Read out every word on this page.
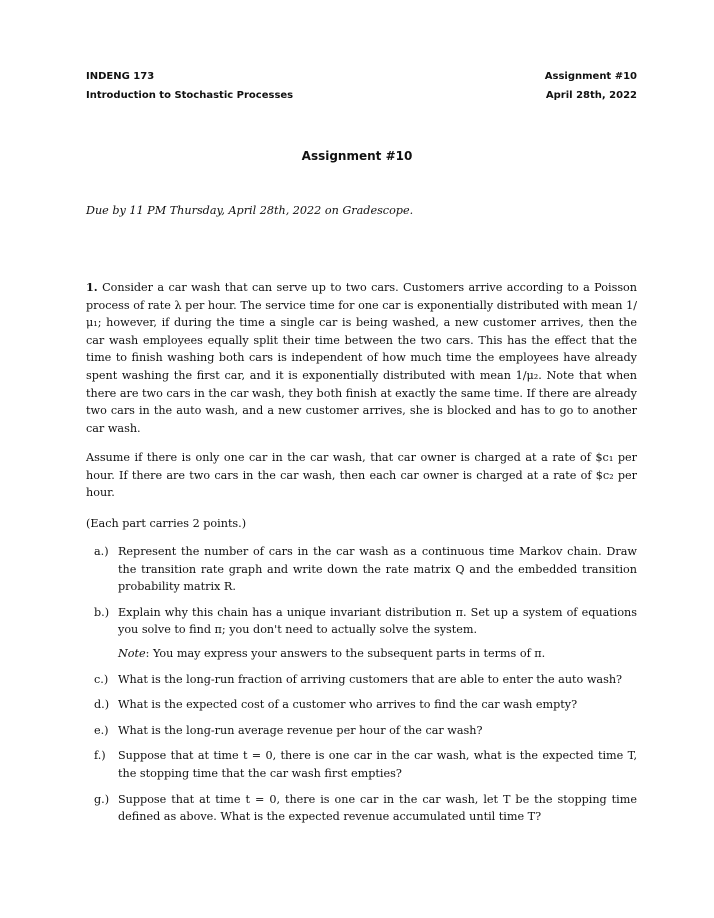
INDENG 173
Introduction to Stochastic Processes
Assignment #10
April 28th, 2022
Assignment #10
Due by 11 PM Thursday, April 28th, 2022 on Gradescope.
1. Consider a car wash that can serve up to two cars. Customers arrive according to a Poisson process of rate λ per hour. The service time for one car is exponentially distributed with mean 1/μ₁; however, if during the time a single car is being washed, a new customer arrives, then the car wash employees equally split their time between the two cars. This has the effect that the time to finish washing both cars is independent of how much time the employees have already spent washing the first car, and it is exponentially distributed with mean 1/μ₂. Note that when there are two cars in the car wash, they both finish at exactly the same time. If there are already two cars in the auto wash, and a new customer arrives, she is blocked and has to go to another car wash.
Assume if there is only one car in the car wash, that car owner is charged at a rate of $c₁ per hour. If there are two cars in the car wash, then each car owner is charged at a rate of $c₂ per hour.
(Each part carries 2 points.)
a.) Represent the number of cars in the car wash as a continuous time Markov chain. Draw the transition rate graph and write down the rate matrix Q and the embedded transition probability matrix R.
b.) Explain why this chain has a unique invariant distribution π. Set up a system of equations you solve to find π; you don't need to actually solve the system.
Note: You may express your answers to the subsequent parts in terms of π.
c.) What is the long-run fraction of arriving customers that are able to enter the auto wash?
d.) What is the expected cost of a customer who arrives to find the car wash empty?
e.) What is the long-run average revenue per hour of the car wash?
f.) Suppose that at time t = 0, there is one car in the car wash, what is the expected time T, the stopping time that the car wash first empties?
g.) Suppose that at time t = 0, there is one car in the car wash, let T be the stopping time defined as above. What is the expected revenue accumulated until time T?
